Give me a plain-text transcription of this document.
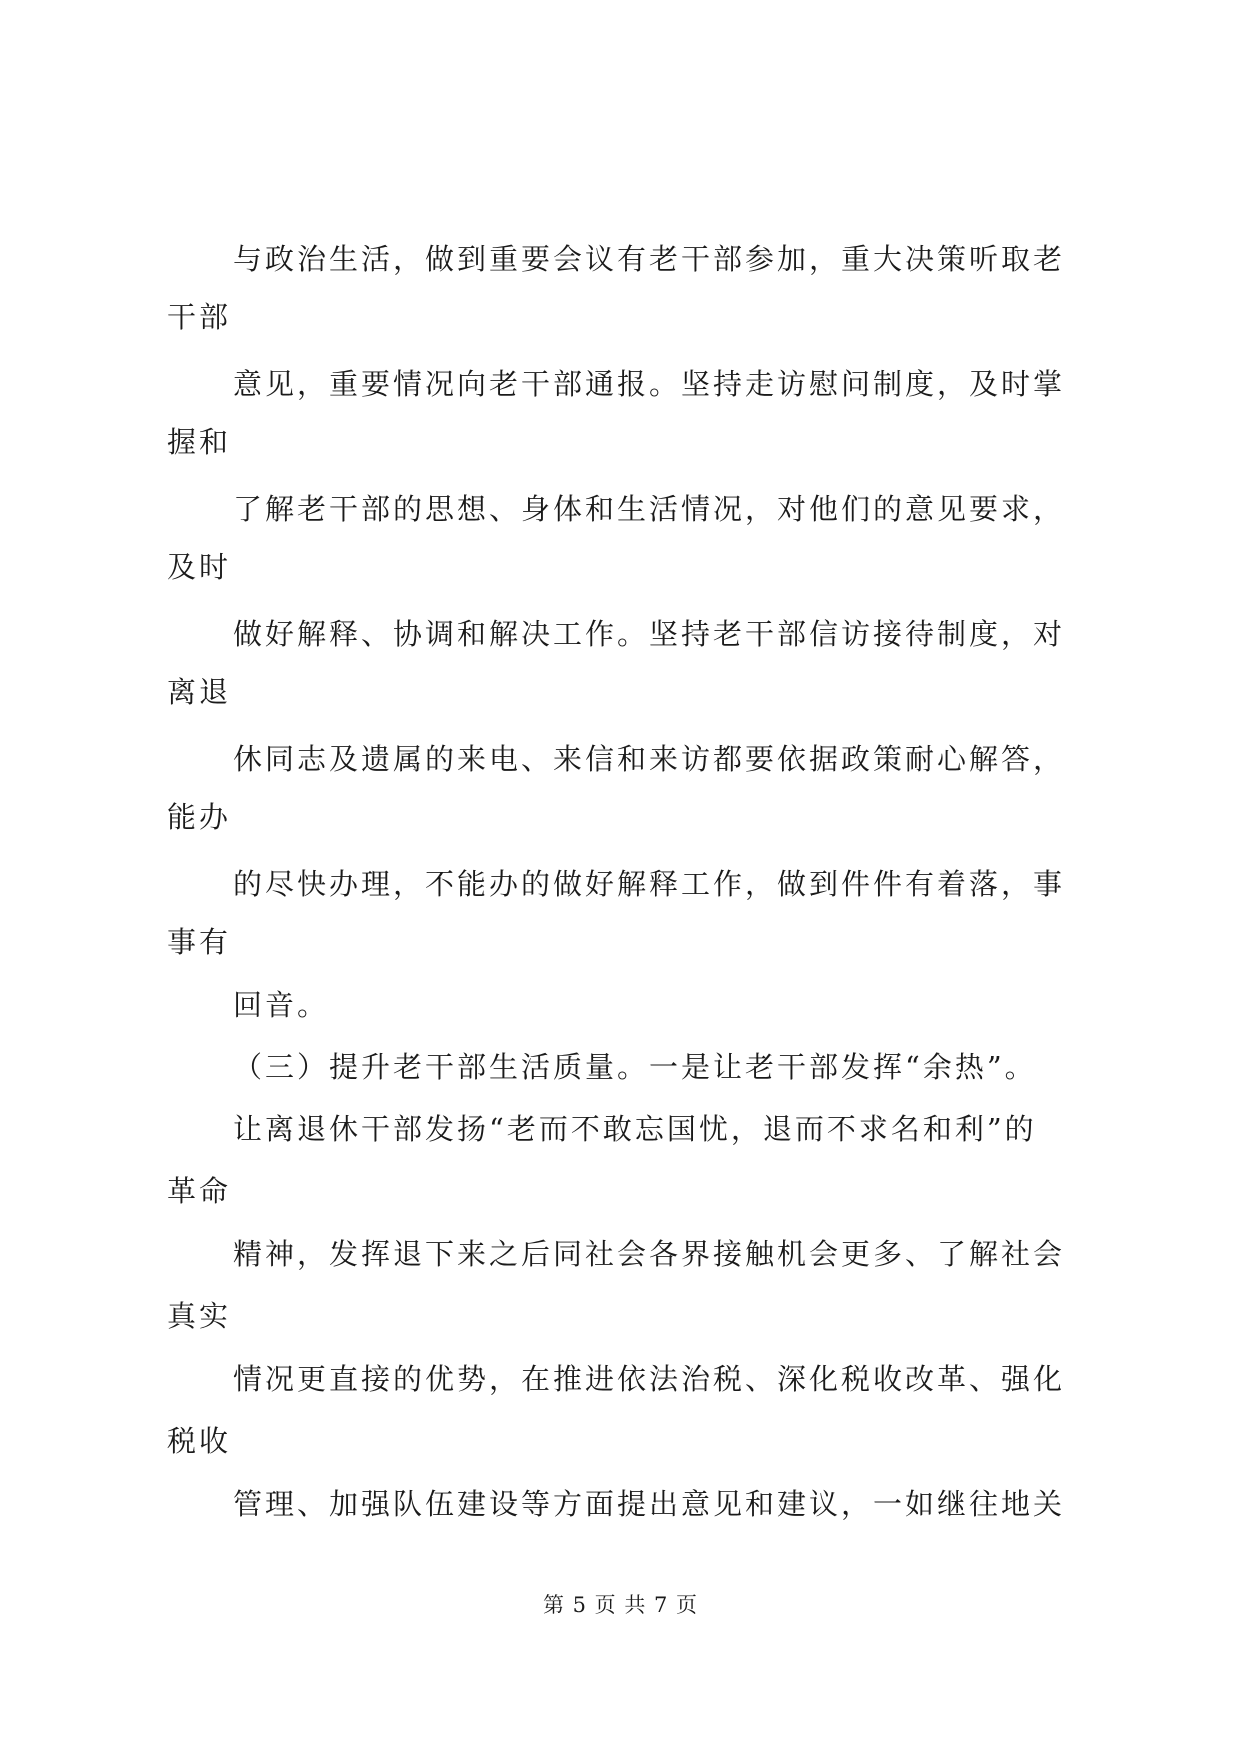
与政治生活，做到重要会议有老干部参加，重大决策听取老
干部
意见，重要情况向老干部通报。坚持走访慰问制度，及时掌
握和
了解老干部的思想、身体和生活情况，对他们的意见要求，
及时
做好解释、协调和解决工作。坚持老干部信访接待制度，对
离退
休同志及遗属的来电、来信和来访都要依据政策耐心解答，
能办
的尽快办理，不能办的做好解释工作，做到件件有着落，事
事有
回音。
（三）提升老干部生活质量。一是让老干部发挥“余热”。
让离退休干部发扬“老而不敢忘国忧，退而不求名和利”的
革命
精神，发挥退下来之后同社会各界接触机会更多、了解社会
真实
情况更直接的优势，在推进依法治税、深化税收改革、强化
税收
管理、加强队伍建设等方面提出意见和建议，一如继往地关
第 5 页 共 7 页
